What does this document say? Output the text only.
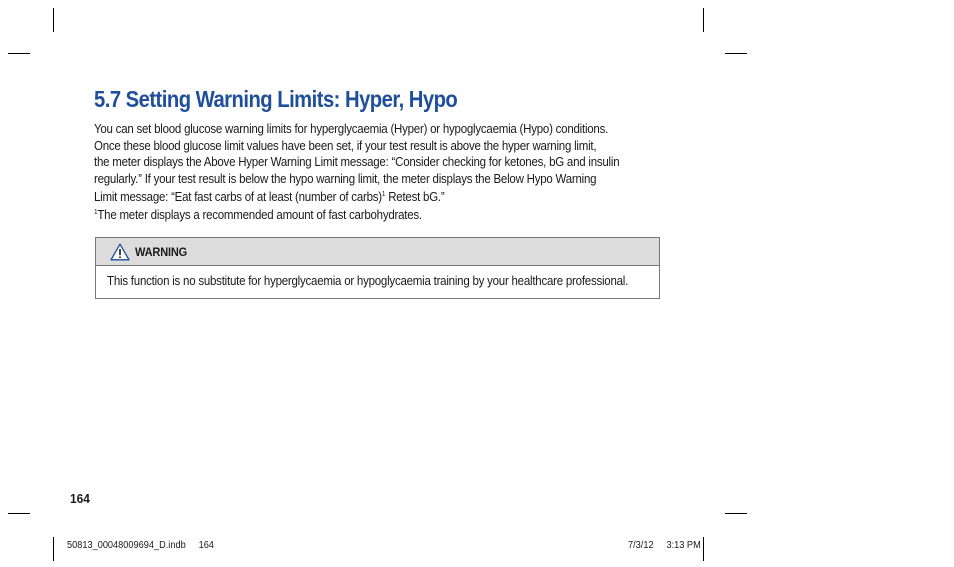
5.7 Setting Warning Limits: Hyper, Hypo
You can set blood glucose warning limits for hyperglycaemia (Hyper) or hypoglycaemia (Hypo) conditions.
Once these blood glucose limit values have been set, if your test result is above the hyper warning limit,
the meter displays the Above Hyper Warning Limit message: “Consider checking for ketones, bG and insulin
regularly.” If your test result is below the hypo warning limit, the meter displays the Below Hypo Warning
Limit message: “Eat fast carbs of at least (number of carbs)$^1$ Retest bG.”
$^1$The meter displays a recommended amount of fast carbohydrates.
WARNING
This function is no substitute for hyperglycaemia or hypoglycaemia training by your healthcare professional.
164
50813_00048009694_D.indb 164	7/3/12 3:13 PM
